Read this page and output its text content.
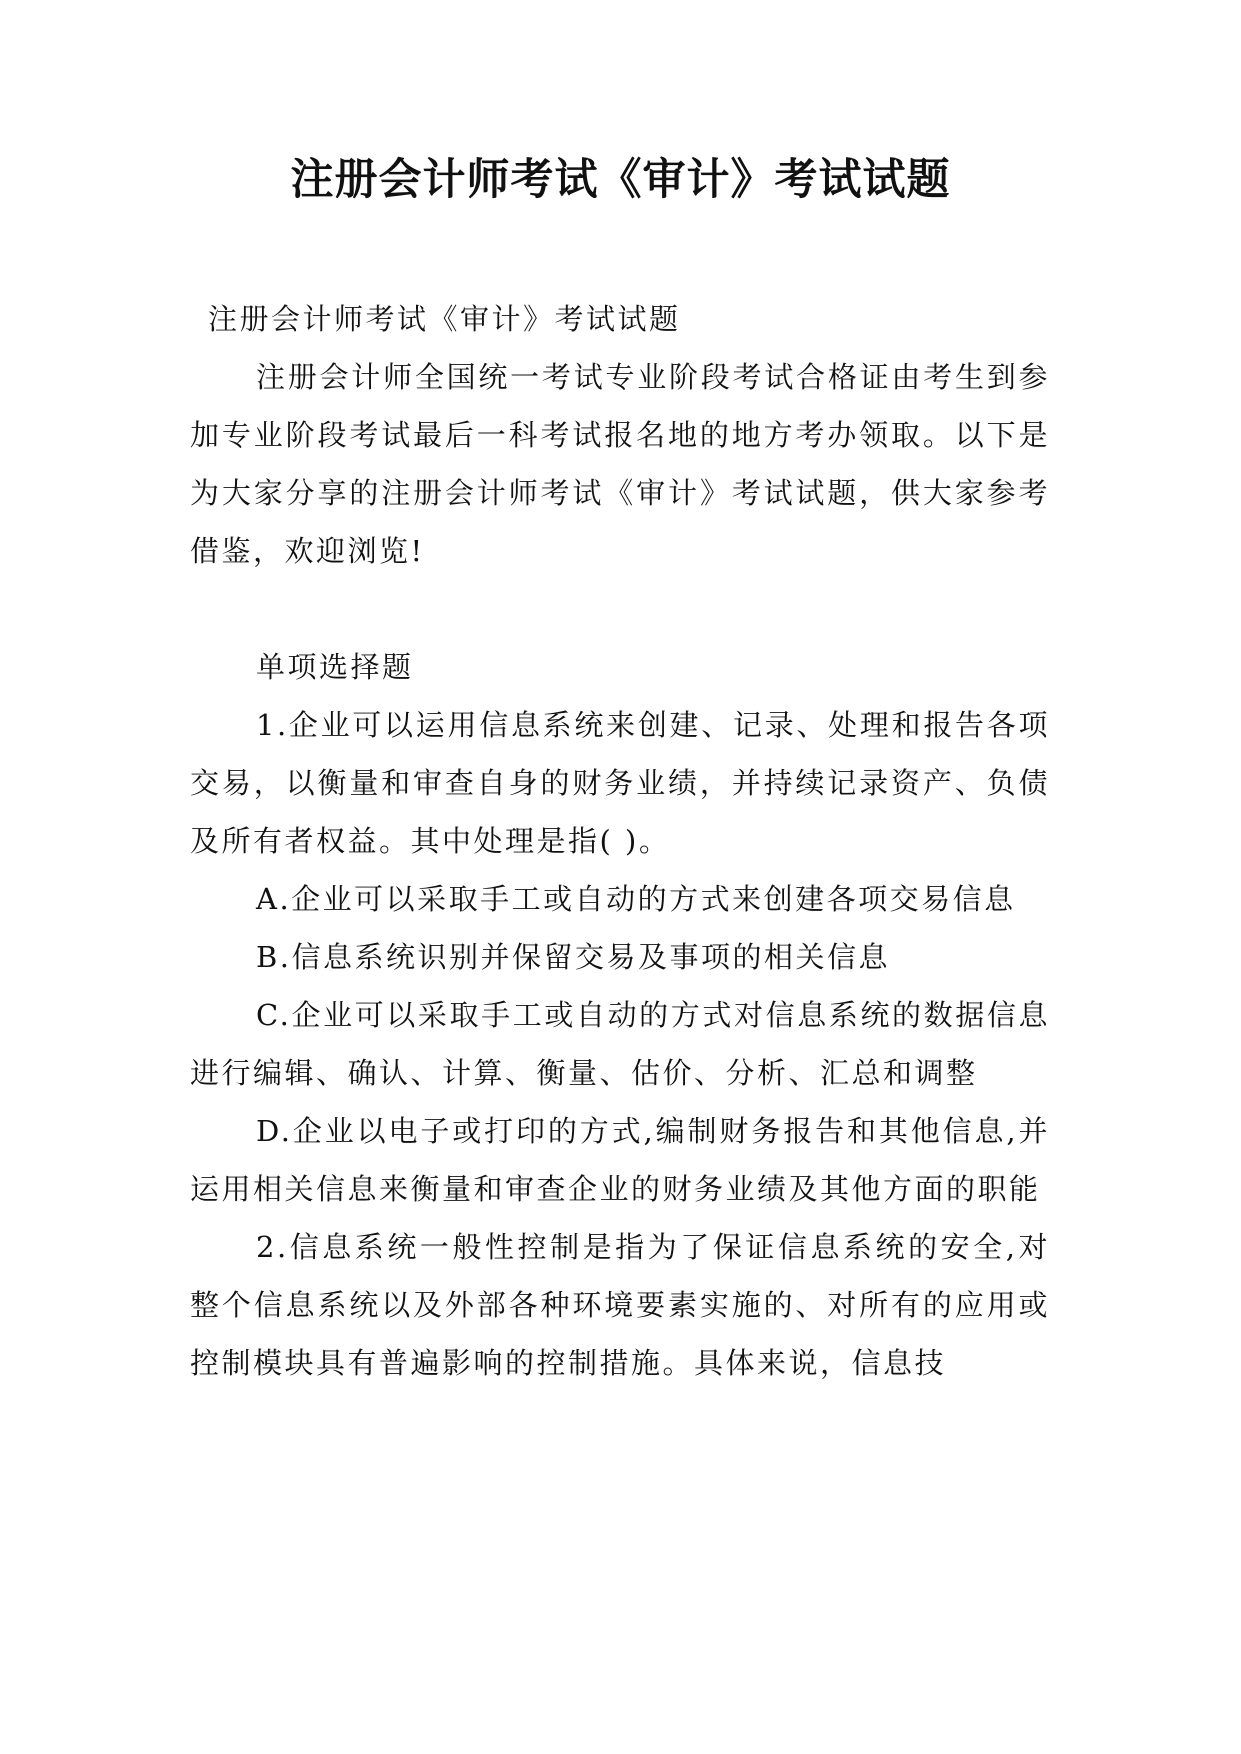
注册会计师考试《审计》考试试题

注册会计师考试《审计》考试试题

注册会计师全国统一考试专业阶段考试合格证由考生到参加专业阶段考试最后一科考试报名地的地方考办领取。以下是为大家分享的注册会计师考试《审计》考试试题，供大家参考借鉴，欢迎浏览!

单项选择题

1.企业可以运用信息系统来创建、记录、处理和报告各项交易，以衡量和审查自身的财务业绩，并持续记录资产、负债及所有者权益。其中处理是指( )。

A.企业可以采取手工或自动的方式来创建各项交易信息

B.信息系统识别并保留交易及事项的相关信息

C.企业可以采取手工或自动的方式对信息系统的数据信息进行编辑、确认、计算、衡量、估价、分析、汇总和调整

D.企业以电子或打印的方式,编制财务报告和其他信息,并运用相关信息来衡量和审查企业的财务业绩及其他方面的职能

2.信息系统一般性控制是指为了保证信息系统的安全,对整个信息系统以及外部各种环境要素实施的、对所有的应用或控制模块具有普遍影响的控制措施。具体来说，信息技
